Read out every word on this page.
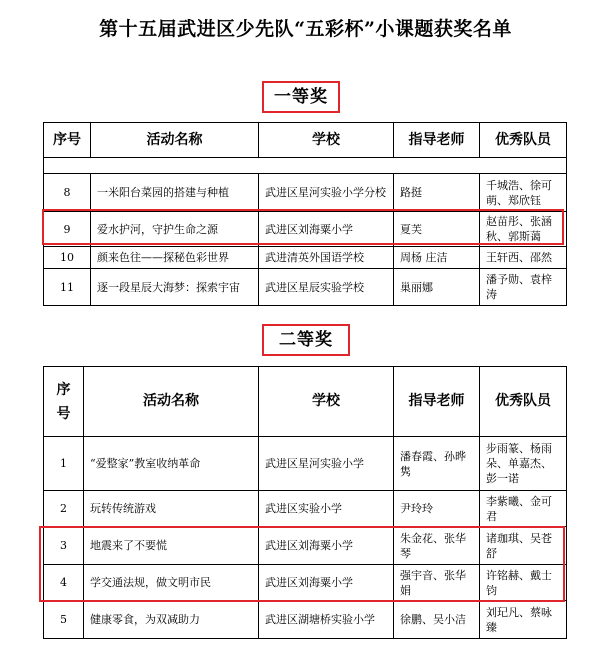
第十五届武进区少先队“五彩杯”小课题获奖名单
一等奖
序号	活动名称	学校	指导老师	优秀队员

8	一米阳台菜园的搭建与种植	武进区星河实验小学分校	路挺	千城浩、徐可萌、郑欣钰
9	爱水护河，守护生命之源	武进区刘海粟小学	夏芙	赵苗彤、张涵秋、郭斯蔼
10	颜来色往——探秘色彩世界	武进清英外国语学校	周杨 庄洁	王轩西、邵然
11	逐一段星辰大海梦：探索宇宙	武进区星辰实验学校	巢丽娜	潘予勋、袁梓涛
二等奖
序号	活动名称	学校	指导老师	优秀队员
1	“爱整家”教室收纳革命	武进区星河实验小学	潘春霞、孙晔隽	步雨篆、杨雨朵、单嘉杰、彭一诺
2	玩转传统游戏	武进区实验小学	尹玲玲	李紫曦、金可君
3	地震来了不要慌	武进区刘海粟小学	朱金花、张华琴	诸珈琪、吴苍舒
4	学交通法规，做文明市民	武进区刘海粟小学	强宇音、张华娟	许铭赫、戴士钧
5	健康零食，为双减助力	武进区湖塘桥实验小学	徐鹏、吴小洁	刘玘凡、蔡咏臻
